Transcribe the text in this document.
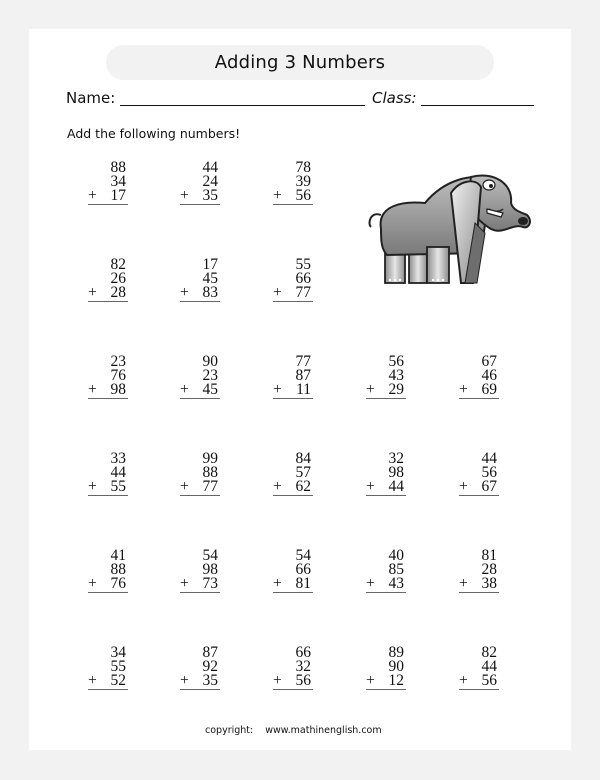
Adding 3 Numbers
Name:	Class:
Add the following numbers!
88
34
+ 17
44
24
+ 35
78
39
+ 56
82
26
+ 28
17
45
+ 83
55
66
+ 77
23
76
+ 98
90
23
+ 45
77
87
+ 11
56
43
+ 29
67
46
+ 69
33
44
+ 55
99
88
+ 77
84
57
+ 62
32
98
+ 44
44
56
+ 67
41
88
+ 76
54
98
+ 73
54
66
+ 81
40
85
+ 43
81
28
+ 38
34
55
+ 52
87
92
+ 35
66
32
+ 56
89
90
+ 12
82
44
+ 56
copyright: www.mathinenglish.com
